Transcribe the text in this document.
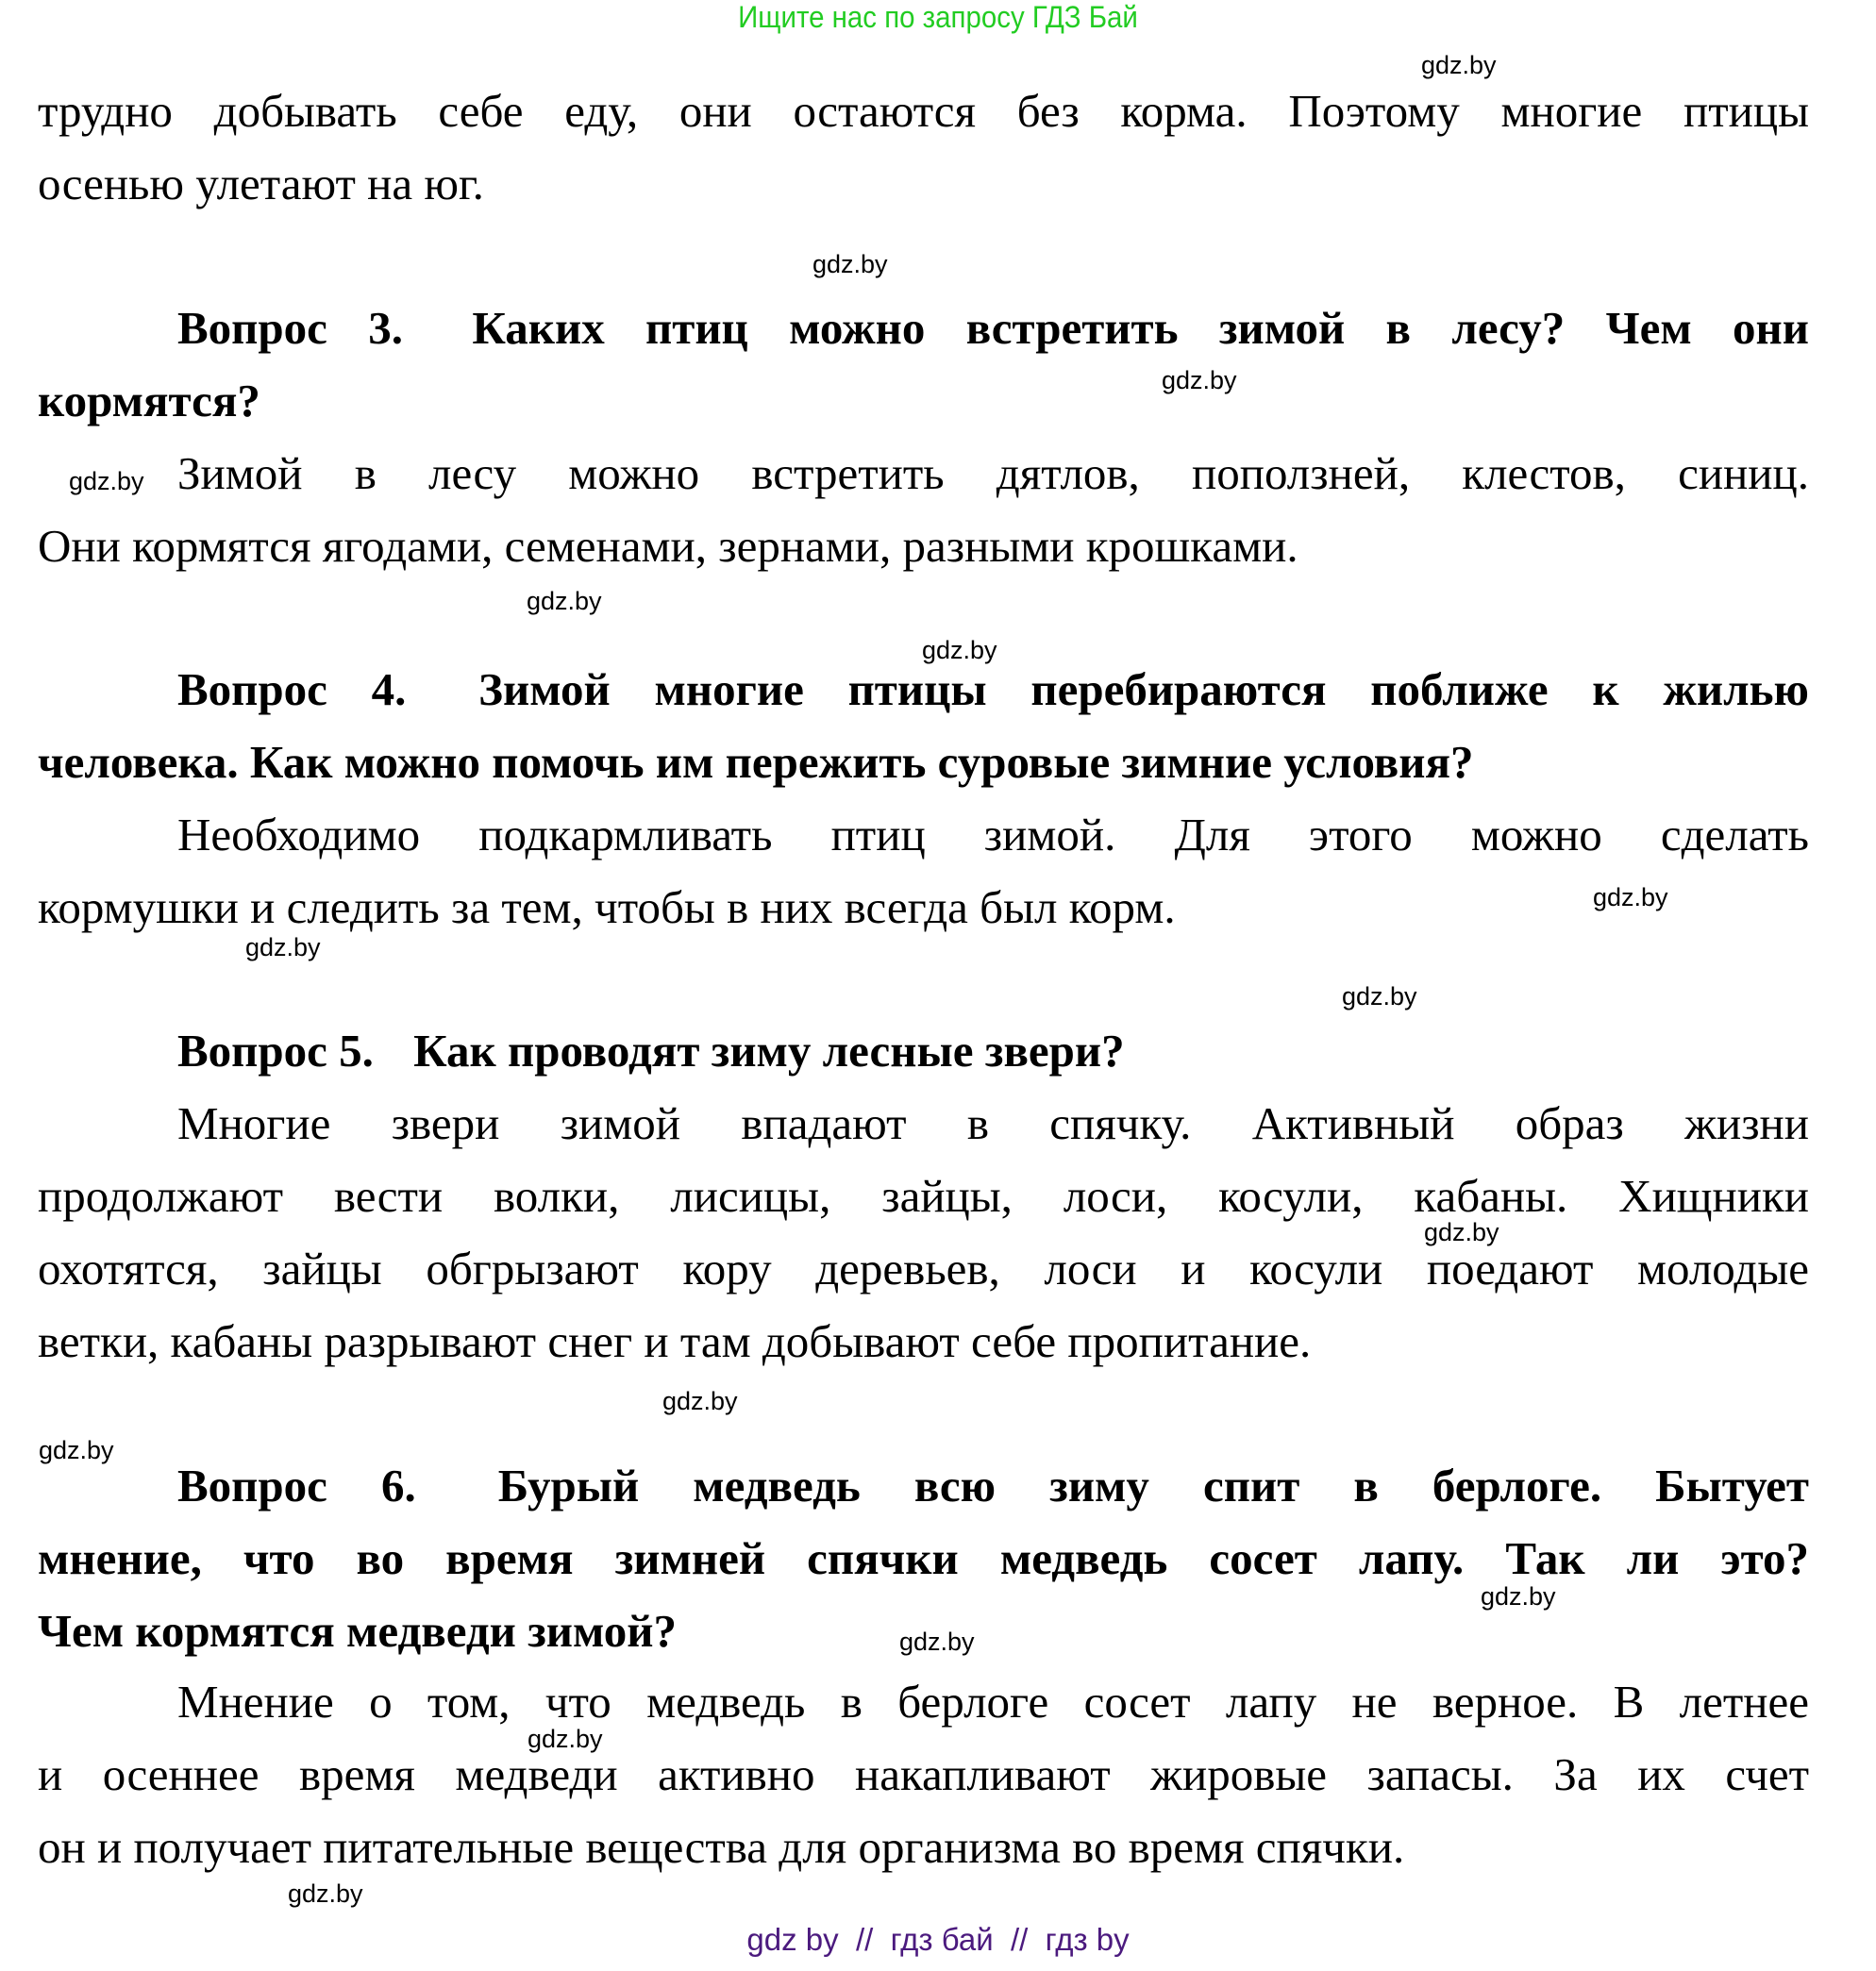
Ищите нас по запросу ГДЗ Бай
трудно добывать себе еду, они остаются без корма. Поэтому многие птицы
осенью улетают на юг.
Вопрос 3. Каких птиц можно встретить зимой в лесу? Чем они
кормятся?
Зимой в лесу можно встретить дятлов, поползней, клестов, синиц.
Они кормятся ягодами, семенами, зернами, разными крошками.
Вопрос 4. Зимой многие птицы перебираются поближе к жилью
человека. Как можно помочь им пережить суровые зимние условия?
Необходимо подкармливать птиц зимой. Для этого можно сделать
кормушки и следить за тем, чтобы в них всегда был корм.
Вопрос 5. Как проводят зиму лесные звери?
Многие звери зимой впадают в спячку. Активный образ жизни
продолжают вести волки, лисицы, зайцы, лоси, косули, кабаны. Хищники
охотятся, зайцы обгрызают кору деревьев, лоси и косули поедают молодые
ветки, кабаны разрывают снег и там добывают себе пропитание.
Вопрос 6. Бурый медведь всю зиму спит в берлоге. Бытует
мнение, что во время зимней спячки медведь сосет лапу. Так ли это?
Чем кормятся медведи зимой?
Мнение о том, что медведь в берлоге сосет лапу не верное. В летнее
и осеннее время медведи активно накапливают жировые запасы. За их счет
он и получает питательные вещества для организма во время спячки.
gdz.by
gdz.by
gdz.by
gdz.by
gdz.by
gdz.by
gdz.by
gdz.by
gdz.by
gdz.by
gdz.by
gdz.by
gdz.by
gdz.by
gdz.by
gdz.by
gdz by  //  гдз бай  //  гдз by
